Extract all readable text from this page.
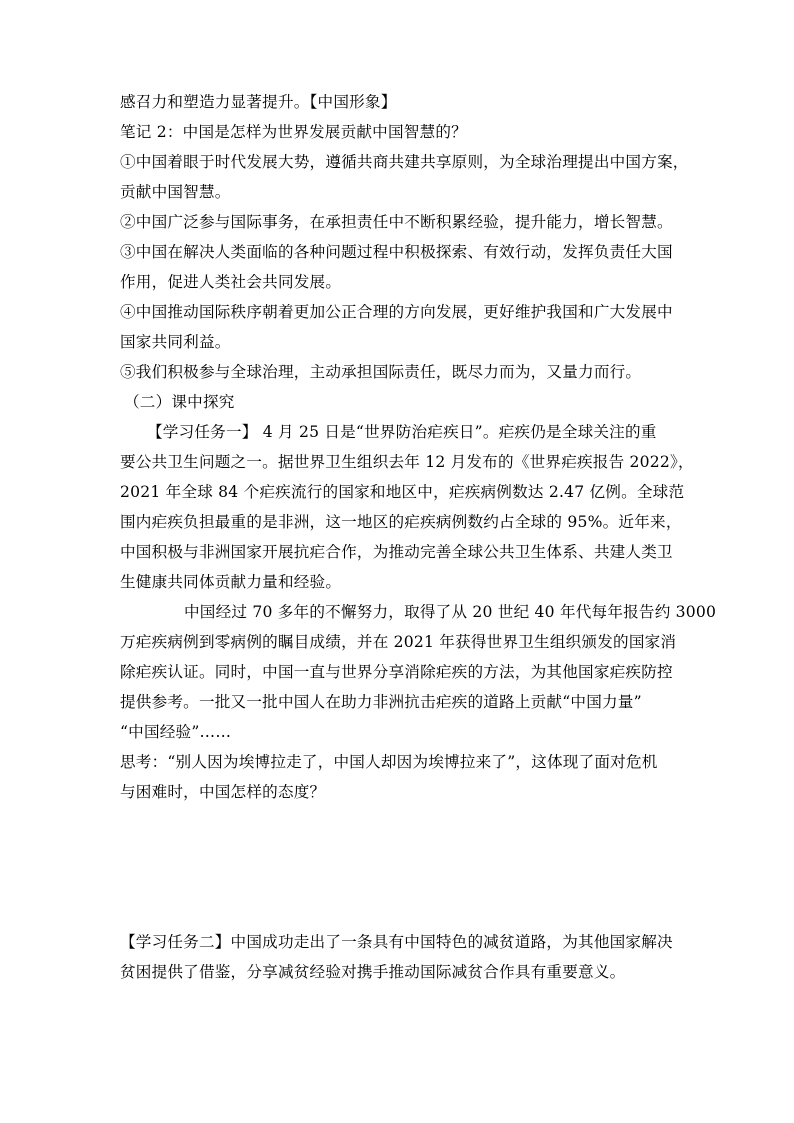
感召力和塑造力显著提升。【中国形象】
笔记 2：中国是怎样为世界发展贡献中国智慧的？
①中国着眼于时代发展大势，遵循共商共建共享原则，为全球治理提出中国方案，
贡献中国智慧。
②中国广泛参与国际事务，在承担责任中不断积累经验，提升能力，增长智慧。
③中国在解决人类面临的各种问题过程中积极探索、有效行动，发挥负责任大国
作用，促进人类社会共同发展。
④中国推动国际秩序朝着更加公正合理的方向发展，更好维护我国和广大发展中
国家共同利益。
⑤我们积极参与全球治理，主动承担国际责任，既尽力而为，又量力而行。
（二）课中探究
【学习任务一】 4 月 25 日是“世界防治疟疾日”。疟疾仍是全球关注的重
要公共卫生问题之一。据世界卫生组织去年 12 月发布的《世界疟疾报告 2022》，
2021 年全球 84 个疟疾流行的国家和地区中，疟疾病例数达 2.47 亿例。全球范
围内疟疾负担最重的是非洲，这一地区的疟疾病例数约占全球的 95%。近年来，
中国积极与非洲国家开展抗疟合作，为推动完善全球公共卫生体系、共建人类卫
生健康共同体贡献力量和经验。
中国经过 70 多年的不懈努力，取得了从 20 世纪 40 年代每年报告约 3000
万疟疾病例到零病例的瞩目成绩，并在 2021 年获得世界卫生组织颁发的国家消
除疟疾认证。同时，中国一直与世界分享消除疟疾的方法，为其他国家疟疾防控
提供参考。一批又一批中国人在助力非洲抗击疟疾的道路上贡献“中国力量”
“中国经验”……
思考：“别人因为埃博拉走了，中国人却因为埃博拉来了”，这体现了面对危机
与困难时，中国怎样的态度？
【学习任务二】中国成功走出了一条具有中国特色的减贫道路，为其他国家解决
贫困提供了借鉴，分享减贫经验对携手推动国际减贫合作具有重要意义。
